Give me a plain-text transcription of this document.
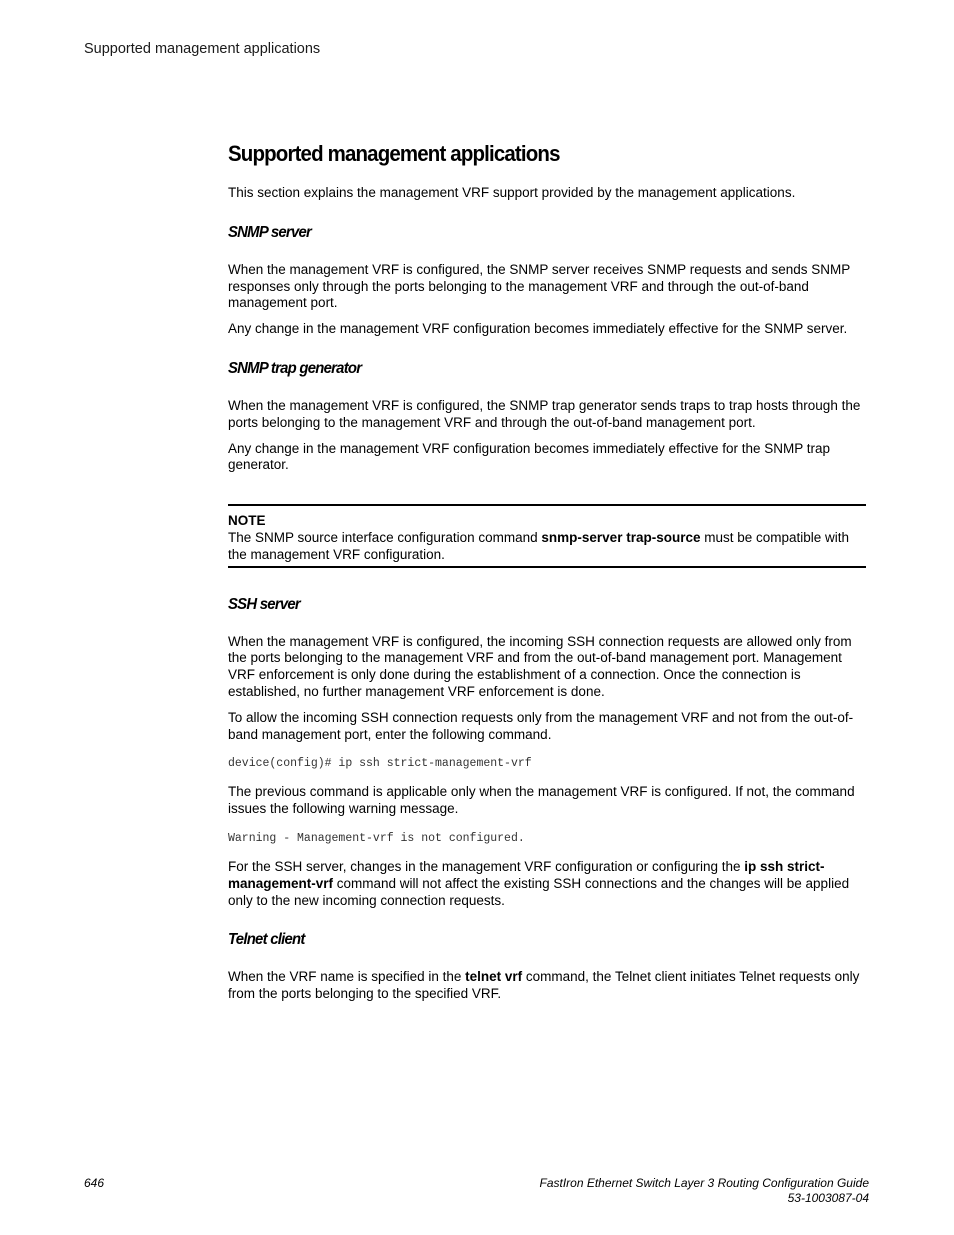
Supported management applications
Supported management applications

This section explains the management VRF support provided by the management applications.

SNMP server

When the management VRF is configured, the SNMP server receives SNMP requests and sends SNMP responses only through the ports belonging to the management VRF and through the out-of-band management port.

Any change in the management VRF configuration becomes immediately effective for the SNMP server.

SNMP trap generator

When the management VRF is configured, the SNMP trap generator sends traps to trap hosts through the ports belonging to the management VRF and through the out-of-band management port.

Any change in the management VRF configuration becomes immediately effective for the SNMP trap generator.

NOTE

The SNMP source interface configuration command snmp-server trap-source must be compatible with the management VRF configuration.

SSH server

When the management VRF is configured, the incoming SSH connection requests are allowed only from the ports belonging to the management VRF and from the out-of-band management port. Management VRF enforcement is only done during the establishment of a connection. Once the connection is established, no further management VRF enforcement is done.

To allow the incoming SSH connection requests only from the management VRF and not from the out-of-band management port, enter the following command.

device(config)# ip ssh strict-management-vrf

The previous command is applicable only when the management VRF is configured. If not, the command issues the following warning message.

Warning - Management-vrf is not configured.

For the SSH server, changes in the management VRF configuration or configuring the ip ssh strict-management-vrf command will not affect the existing SSH connections and the changes will be applied only to the new incoming connection requests.

Telnet client

When the VRF name is specified in the telnet vrf command, the Telnet client initiates Telnet requests only from the ports belonging to the specified VRF.

646	FastIron Ethernet Switch Layer 3 Routing Configuration Guide
53-1003087-04
